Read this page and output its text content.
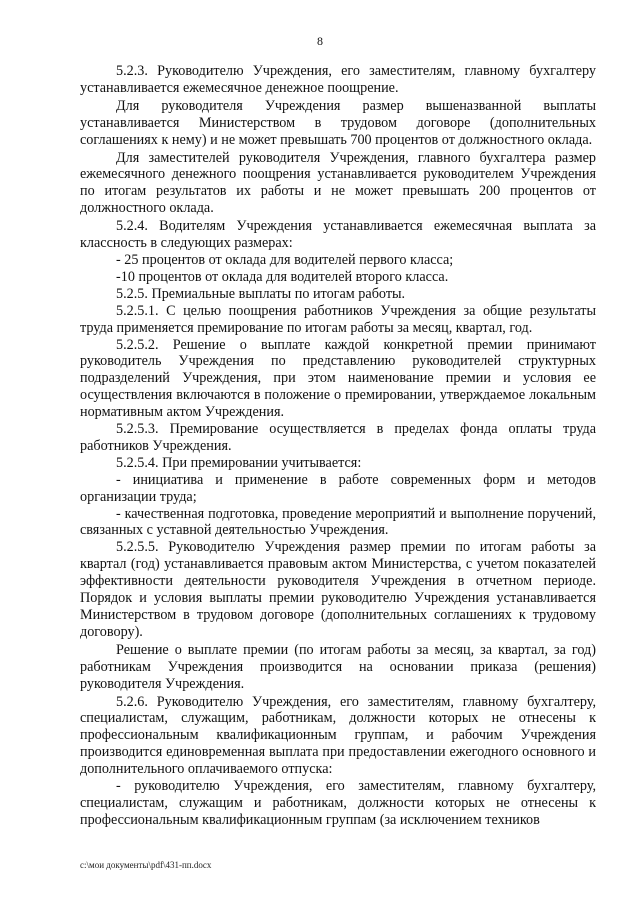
8

5.2.3. Руководителю Учреждения, его заместителям, главному бухгалтеру устанавливается ежемесячное денежное поощрение.

Для руководителя Учреждения размер вышеназванной выплаты устанавливается Министерством в трудовом договоре (дополнительных соглашениях к нему) и не может превышать 700 процентов от должностного оклада.

Для заместителей руководителя Учреждения, главного бухгалтера размер ежемесячного денежного поощрения устанавливается руководителем Учреждения по итогам результатов их работы и не может превышать 200 процентов от должностного оклада.

5.2.4. Водителям Учреждения устанавливается ежемесячная выплата за классность в следующих размерах:

- 25 процентов от оклада для водителей первого класса;

-10 процентов от оклада для водителей второго класса.

5.2.5. Премиальные выплаты по итогам работы.

5.2.5.1. С целью поощрения работников Учреждения за общие результаты труда применяется премирование по итогам работы за месяц, квартал, год.

5.2.5.2. Решение о выплате каждой конкретной премии принимают руководитель Учреждения по представлению руководителей структурных подразделений Учреждения, при этом наименование премии и условия ее осуществления включаются в положение о премировании, утверждаемое локальным нормативным актом Учреждения.

5.2.5.3. Премирование осуществляется в пределах фонда оплаты труда работников Учреждения.

5.2.5.4. При премировании учитывается:

- инициатива и применение в работе современных форм и методов организации труда;

- качественная подготовка, проведение мероприятий и выполнение поручений, связанных с уставной деятельностью Учреждения.

5.2.5.5. Руководителю Учреждения размер премии по итогам работы за квартал (год) устанавливается правовым актом Министерства, с учетом показателей эффективности деятельности руководителя Учреждения в отчетном периоде. Порядок и условия выплаты премии руководителю Учреждения устанавливается Министерством в трудовом договоре (дополнительных соглашениях к трудовому договору).

Решение о выплате премии (по итогам работы за месяц, за квартал, за год) работникам Учреждения производится на основании приказа (решения) руководителя Учреждения.

5.2.6. Руководителю Учреждения, его заместителям, главному бухгалтеру, специалистам, служащим, работникам, должности которых не отнесены к профессиональным квалификационным группам, и рабочим Учреждения производится единовременная выплата при предоставлении ежегодного основного и дополнительного оплачиваемого отпуска:

- руководителю Учреждения, его заместителям, главному бухгалтеру, специалистам, служащим и работникам, должности которых не отнесены к профессиональным квалификационным группам (за исключением техников

c:\мои документы\pdf\431-пп.docx
